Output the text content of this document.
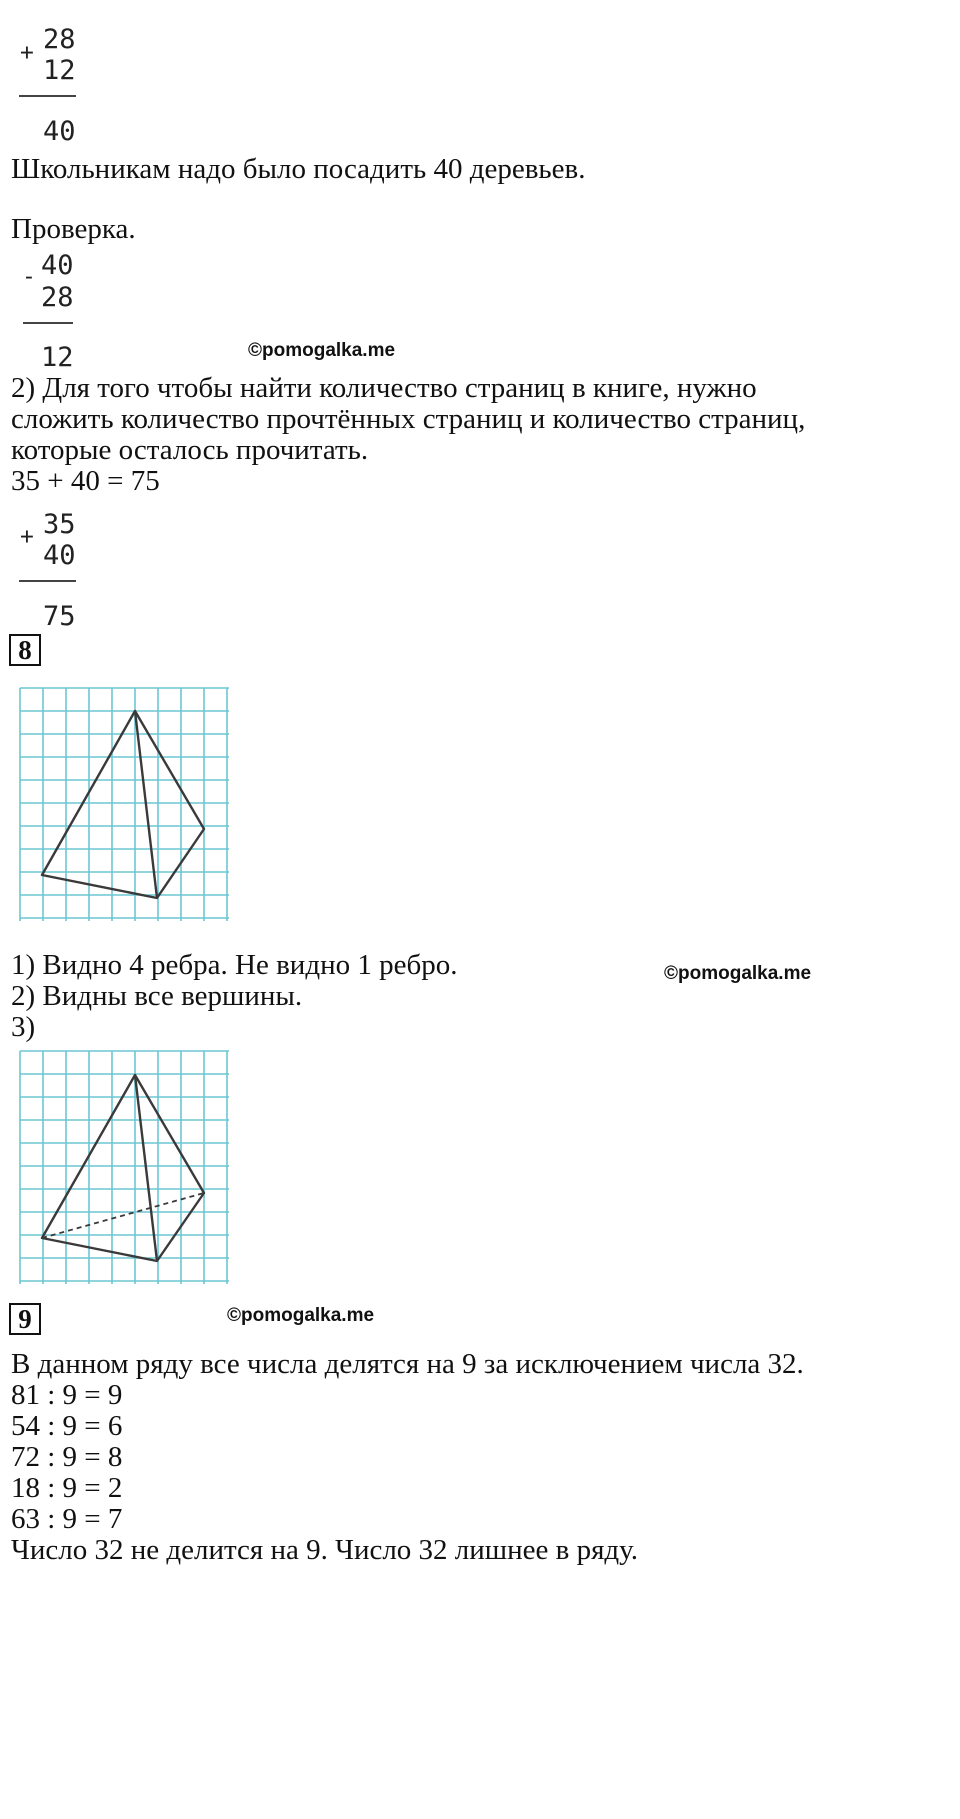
+ 28
12
40
Школьникам надо было посадить 40 деревьев.
Проверка.
- 40
28
12	©pomogalka.me
2) Для того чтобы найти количество страниц в книге, нужно
сложить количество прочтённых страниц и количество страниц,
которые осталось прочитать.
35 + 40 = 75
+ 35
40
75
8
1) Видно 4 ребра. Не видно 1 ребро.	©pomogalka.me
2) Видны все вершины.
3)
9	©pomogalka.me
В данном ряду все числа делятся на 9 за исключением числа 32.
81 : 9 = 9
54 : 9 = 6
72 : 9 = 8
18 : 9 = 2
63 : 9 = 7
Число 32 не делится на 9. Число 32 лишнее в ряду.
